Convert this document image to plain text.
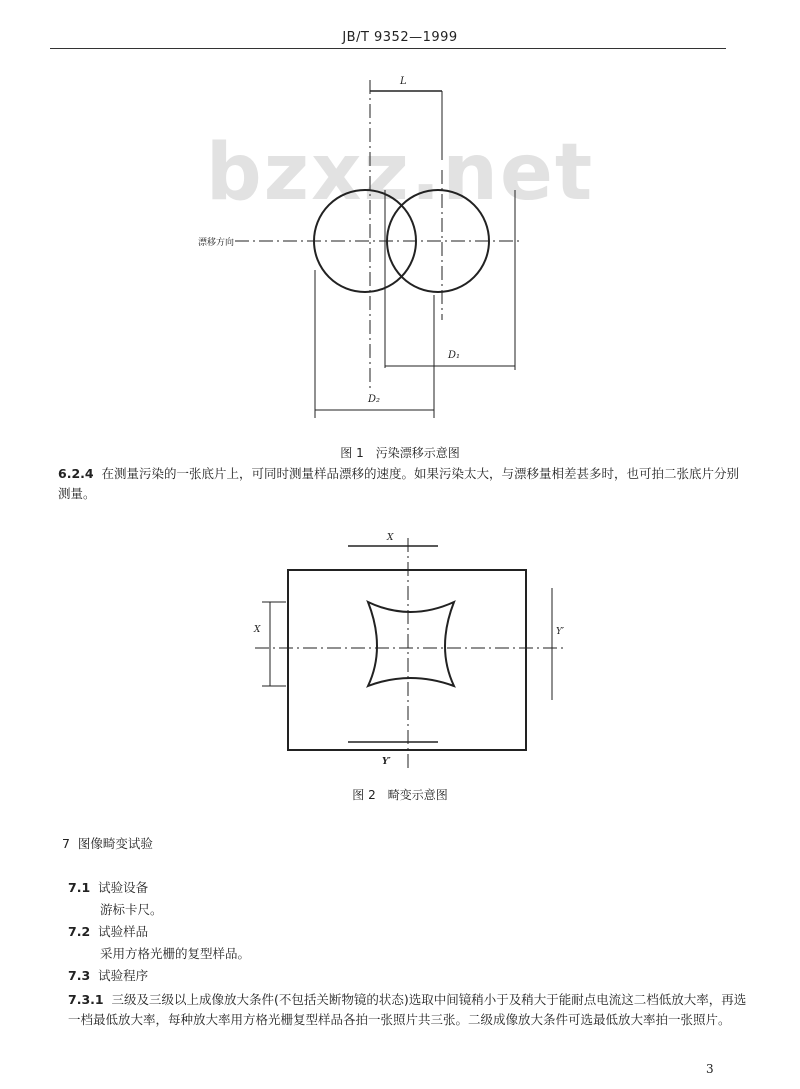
JB/T 9352—1999
bzxz.net
L
漂移方向
D₁
D₂
图 1　污染漂移示意图
6.2.4 在测量污染的一张底片上，可同时测量样品漂移的速度。如果污染太大，与漂移量相差甚多时，也可拍二张底片分别测量。
X
X	Y′
Y′
图 2　畸变示意图
7 图像畸变试验
7.1 试验设备
游标卡尺。
7.2 试验样品
采用方格光栅的复型样品。
7.3 试验程序
7.3.1 三级及三级以上成像放大条件(不包括关断物镜的状态)选取中间镜稍小于及稍大于能耐点电流这二档低放大率，再选一档最低放大率，每种放大率用方格光栅复型样品各拍一张照片共三张。二级成像放大条件可选最低放大率拍一张照片。
3
